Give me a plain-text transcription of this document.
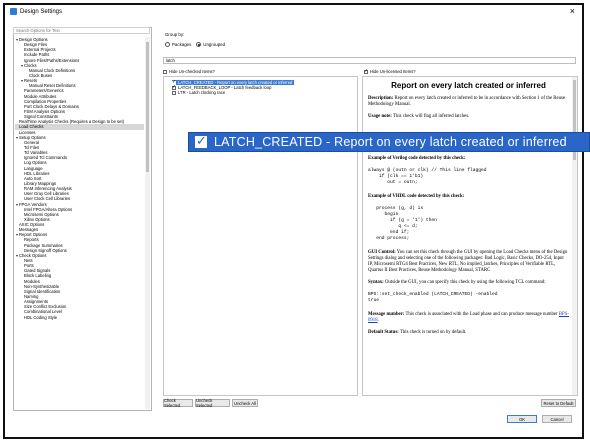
Design Settings	×
▾ Design Options
Design Files
External Projects
Include Paths
Ignore Files/Paths/Extensions
▾ Clocks
Manual Clock Definitions
Clock Buses
▾ Resets
Manual Reset Definitions
Parameters/Generics
Module Attributes
Compilation Properties
Port Clock Delays & Domains
FSM Analysis Options
Signal Constraints
RealTime Analysis Checks (Requires a Design to be set)
Load Checks
Licenses
▾ Setup Options
General
Tcl Files
Tcl Variables
Ignored Tcl Commands
Log Options
Language
HDL Libraries
Auto Sort
Library Mappings
RAM Inferencing Analysis
User Gray Cell Libraries
User Clock Cell Libraries
▾ FPGA Vendors
Intel FPGA/Altera Options
Microsemi Options
Xilinx Options
ASIC Options
Messages
▾ Report Options
Reports
Package Summaries
Design Signoff Options
▾ Check Options
Nets
Ports
Gated Signals
Block Labeling
Modules
Non-Synthesizable
Signal Identification
Naming
Assignments
Size Conflict Exclusion
Combinational Level
HDL Coding Style
Search Options for Text
Group by:
Packages	Ungrouped
latch
Hide Un-checked Items?
✓	Hide Un-licensed Items?
✓
LATCH_CREATED - Report on every latch created or inferred
✓
LATCH_FEEDBACK_LOOP - Latch feedback loop
LTR - Latch clocking race
Report on every latch created or inferred

Description: Report on every latch created or inferred to be in accordance with Section 1 of the Reuse Methodology Manual.

Usage note: This check will flag all inferred latches.

Example of Verilog code detected by this check:

always @ (outn or clk) // This line flagged
if (clk == 1'b1)
out = outn;

Example of VHDL code detected by this check:

process (g, d) is
begin
if (g = '1') then
q <= d;
end if;
end process;

GUI Control: You can set this check through the GUI by opening the Load Checks menu of the Design Settings dialog and selecting one of the following packages: Bad Logic, Basic Checks, DO-254, Input IP, Microsemi RTG4 Best Practices, New RTL, No implied_latches, Principles of Verifiable RTL, Quartus II Best Practices, Reuse Methodology Manual, STARC

Syntax: Outside the GUI, you can specify this check by using the following TCL command:

BPS::set_check_enabled (LATCH_CREATED) -enabled
true

Message number: This check is associated with the Load phase and can produce message number BPS-0918.

Default Status: This check is turned on by default.

✓
LATCH_CREATED - Report on every latch created or inferred
Check Selected
Uncheck Selected	Uncheck All	Reset to Default
OK	Cancel
